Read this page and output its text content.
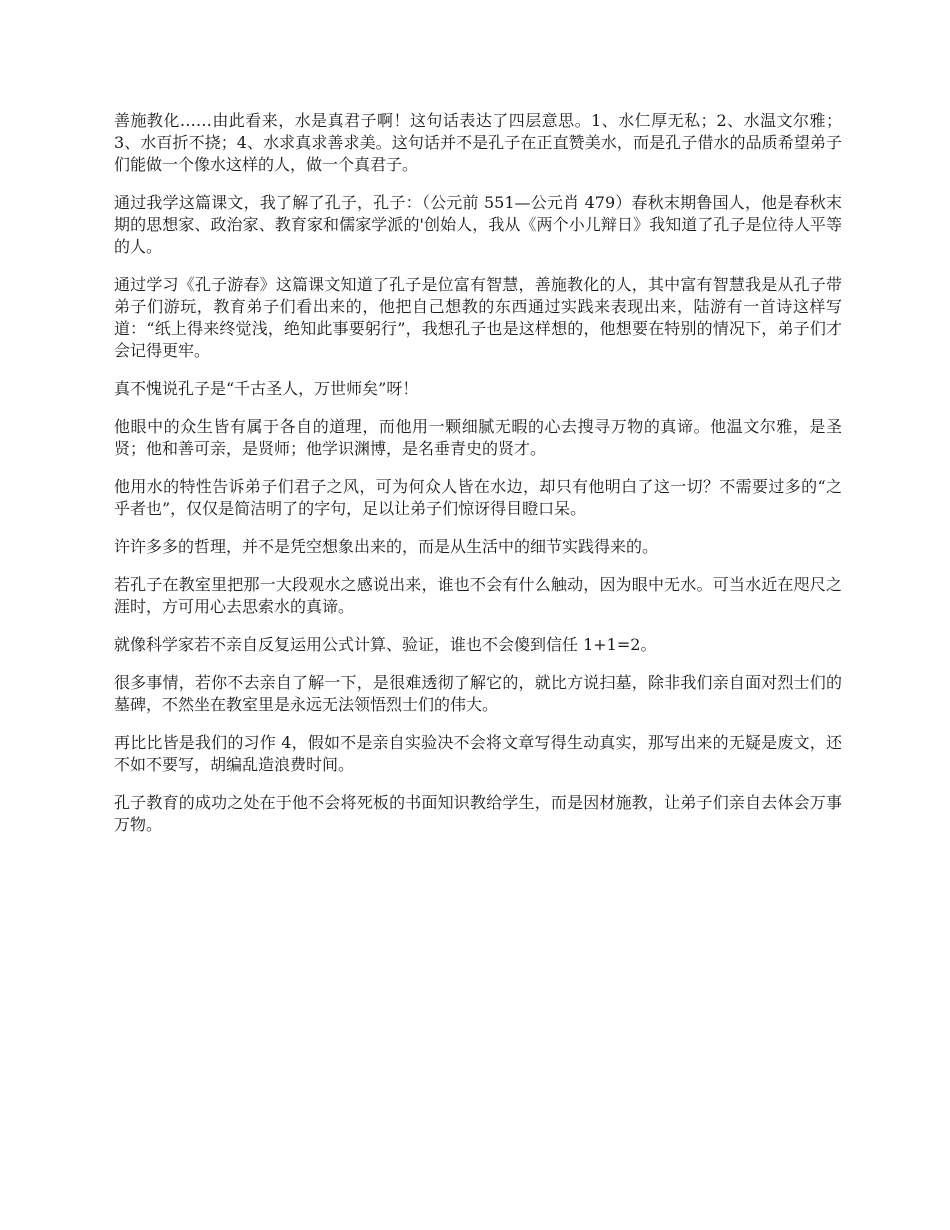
善施教化……由此看来，水是真君子啊！这句话表达了四层意思。1、水仁厚无私；2、水温文尔雅；3、水百折不挠；4、水求真求善求美。这句话并不是孔子在正直赞美水，而是孔子借水的品质希望弟子们能做一个像水这样的人，做一个真君子。

通过我学这篇课文，我了解了孔子，孔子：（公元前 551—公元肖 479）春秋末期鲁国人，他是春秋末期的思想家、政治家、教育家和儒家学派的'创始人，我从《两个小儿辩日》我知道了孔子是位待人平等的人。

通过学习《孔子游春》这篇课文知道了孔子是位富有智慧，善施教化的人，其中富有智慧我是从孔子带弟子们游玩，教育弟子们看出来的，他把自己想教的东西通过实践来表现出来，陆游有一首诗这样写道：“纸上得来终觉浅，绝知此事要躬行”，我想孔子也是这样想的，他想要在特别的情况下，弟子们才会记得更牢。

真不愧说孔子是“千古圣人，万世师矣”呀！

他眼中的众生皆有属于各自的道理，而他用一颗细腻无暇的心去搜寻万物的真谛。他温文尔雅，是圣贤；他和善可亲，是贤师；他学识渊博，是名垂青史的贤才。

他用水的特性告诉弟子们君子之风，可为何众人皆在水边，却只有他明白了这一切？不需要过多的“之乎者也”，仅仅是简洁明了的字句，足以让弟子们惊讶得目瞪口呆。

许许多多的哲理，并不是凭空想象出来的，而是从生活中的细节实践得来的。

若孔子在教室里把那一大段观水之感说出来，谁也不会有什么触动，因为眼中无水。可当水近在咫尺之涯时，方可用心去思索水的真谛。

就像科学家若不亲自反复运用公式计算、验证，谁也不会傻到信任 1+1=2。

很多事情，若你不去亲自了解一下，是很难透彻了解它的，就比方说扫墓，除非我们亲自面对烈士们的墓碑，不然坐在教室里是永远无法领悟烈士们的伟大。

再比比皆是我们的习作 4，假如不是亲自实验决不会将文章写得生动真实，那写出来的无疑是废文，还不如不要写，胡编乱造浪费时间。

孔子教育的成功之处在于他不会将死板的书面知识教给学生，而是因材施教，让弟子们亲自去体会万事万物。
